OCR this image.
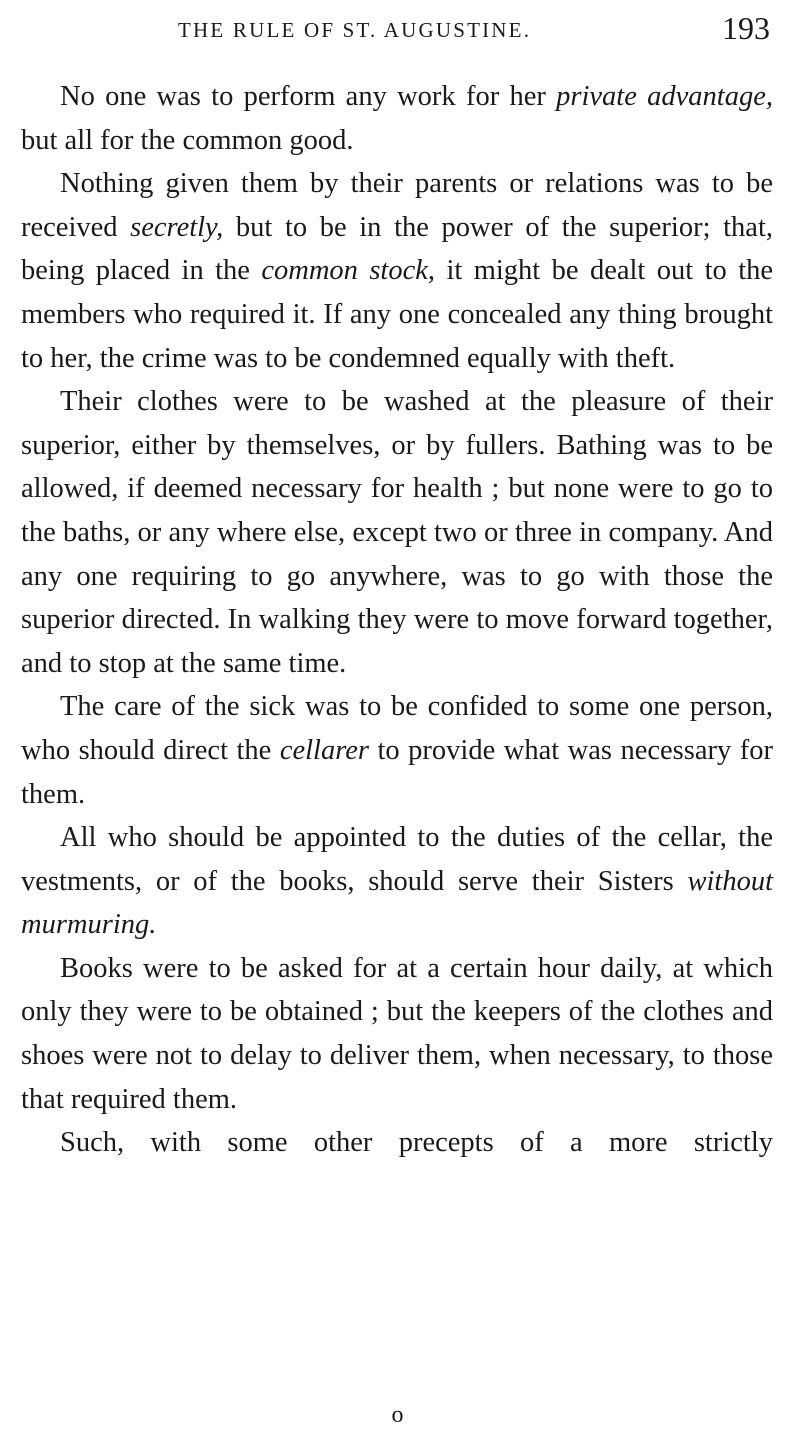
THE RULE OF ST. AUGUSTINE.	193

No one was to perform any work for her private advantage, but all for the common good.

Nothing given them by their parents or relations was to be received secretly, but to be in the power of the superior; that, being placed in the common stock, it might be dealt out to the members who required it. If any one concealed any thing brought to her, the crime was to be condemned equally with theft.

Their clothes were to be washed at the pleasure of their superior, either by themselves, or by fullers. Bathing was to be allowed, if deemed necessary for health ; but none were to go to the baths, or any where else, except two or three in company. And any one requiring to go anywhere, was to go with those the superior directed. In walking they were to move forward together, and to stop at the same time.

The care of the sick was to be confided to some one person, who should direct the cellarer to provide what was necessary for them.

All who should be appointed to the duties of the cellar, the vestments, or of the books, should serve their Sisters without murmuring.

Books were to be asked for at a certain hour daily, at which only they were to be obtained ; but the keepers of the clothes and shoes were not to delay to deliver them, when necessary, to those that required them.

Such, with some other precepts of a more strictly

o
